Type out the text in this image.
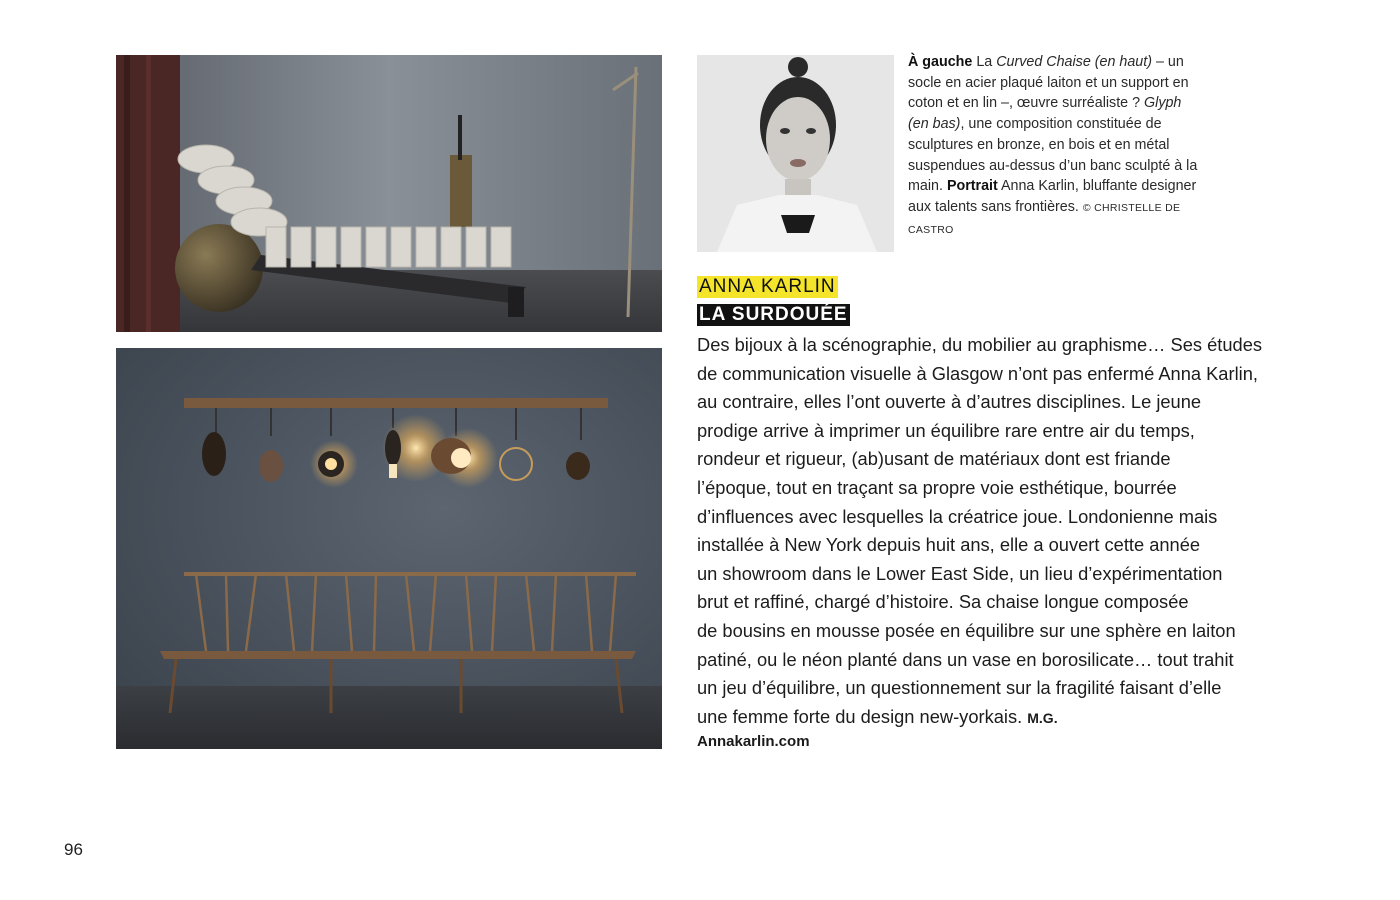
À gauche La Curved Chaise (en haut) – un socle en acier plaqué laiton et un support en coton et en lin –, œuvre surréaliste ? Glyph (en bas), une composition constituée de sculptures en bronze, en bois et en métal suspendues au-dessus d’un banc sculpté à la main. Portrait Anna Karlin, bluffante designer aux talents sans frontières. © CHRISTELLE DE CASTRO
ANNA KARLIN
LA SURDOUÉE

Des bijoux à la scénographie, du mobilier au graphisme… Ses études

de communication visuelle à Glasgow n’ont pas enfermé Anna Karlin,

au contraire, elles l’ont ouverte à d’autres disciplines. Le jeune

prodige arrive à imprimer un équilibre rare entre air du temps,

rondeur et rigueur, (ab)usant de matériaux dont est friande

l’époque, tout en traçant sa propre voie esthétique, bourrée

d’influences avec lesquelles la créatrice joue. Londonienne mais

installée à New York depuis huit ans, elle a ouvert cette année

un showroom dans le Lower East Side, un lieu d’expérimentation

brut et raffiné, chargé d’histoire. Sa chaise longue composée

de bousins en mousse posée en équilibre sur une sphère en laiton

patiné, ou le néon planté dans un vase en borosilicate… tout trahit

un jeu d’équilibre, un questionnement sur la fragilité faisant d’elle

une femme forte du design new-yorkais. M.G.

Annakarlin.com
96
